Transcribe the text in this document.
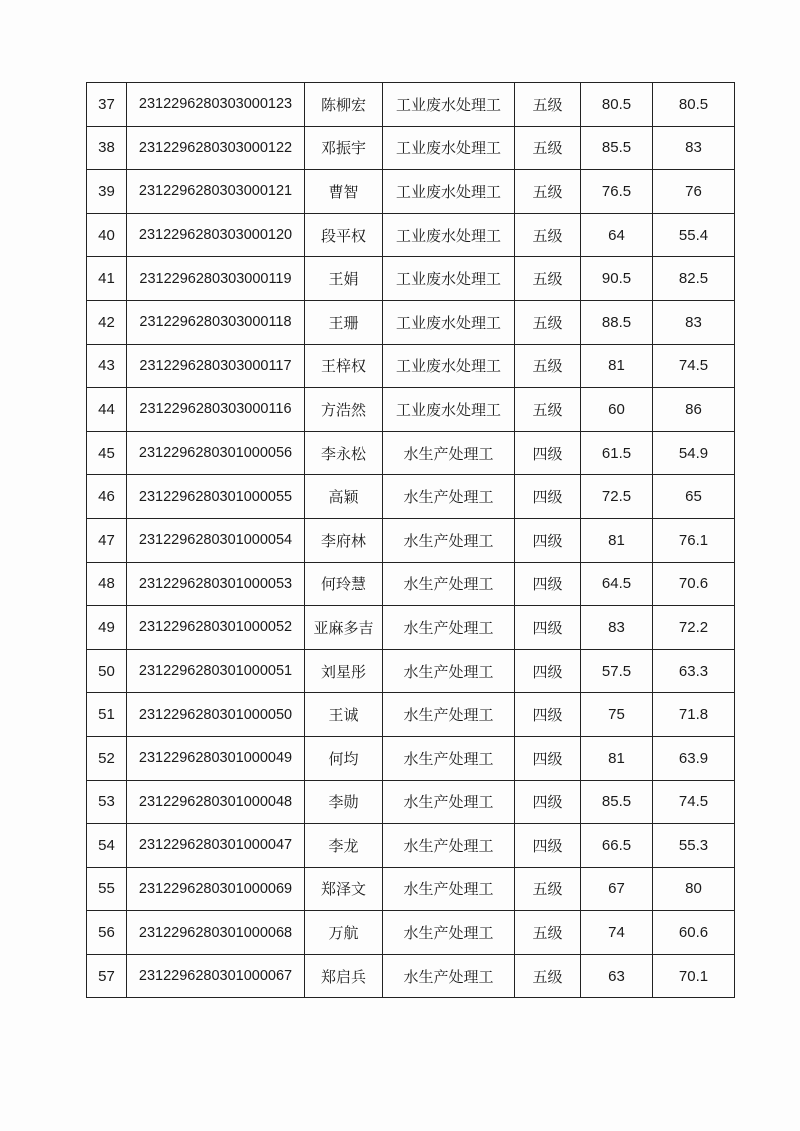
37	2312296280303000123	陈柳宏	工业废水处理工	五级	80.5	80.5
38	2312296280303000122	邓振宇	工业废水处理工	五级	85.5	83
39	2312296280303000121	曹智	工业废水处理工	五级	76.5	76
40	2312296280303000120	段平权	工业废水处理工	五级	64	55.4
41	2312296280303000119	王娟	工业废水处理工	五级	90.5	82.5
42	2312296280303000118	王珊	工业废水处理工	五级	88.5	83
43	2312296280303000117	王梓权	工业废水处理工	五级	81	74.5
44	2312296280303000116	方浩然	工业废水处理工	五级	60	86
45	2312296280301000056	李永松	水生产处理工	四级	61.5	54.9
46	2312296280301000055	高颖	水生产处理工	四级	72.5	65
47	2312296280301000054	李府林	水生产处理工	四级	81	76.1
48	2312296280301000053	何玲慧	水生产处理工	四级	64.5	70.6
49	2312296280301000052	亚麻多吉	水生产处理工	四级	83	72.2
50	2312296280301000051	刘星彤	水生产处理工	四级	57.5	63.3
51	2312296280301000050	王诚	水生产处理工	四级	75	71.8
52	2312296280301000049	何均	水生产处理工	四级	81	63.9
53	2312296280301000048	李勋	水生产处理工	四级	85.5	74.5
54	2312296280301000047	李龙	水生产处理工	四级	66.5	55.3
55	2312296280301000069	郑泽文	水生产处理工	五级	67	80
56	2312296280301000068	万航	水生产处理工	五级	74	60.6
57	2312296280301000067	郑启兵	水生产处理工	五级	63	70.1
